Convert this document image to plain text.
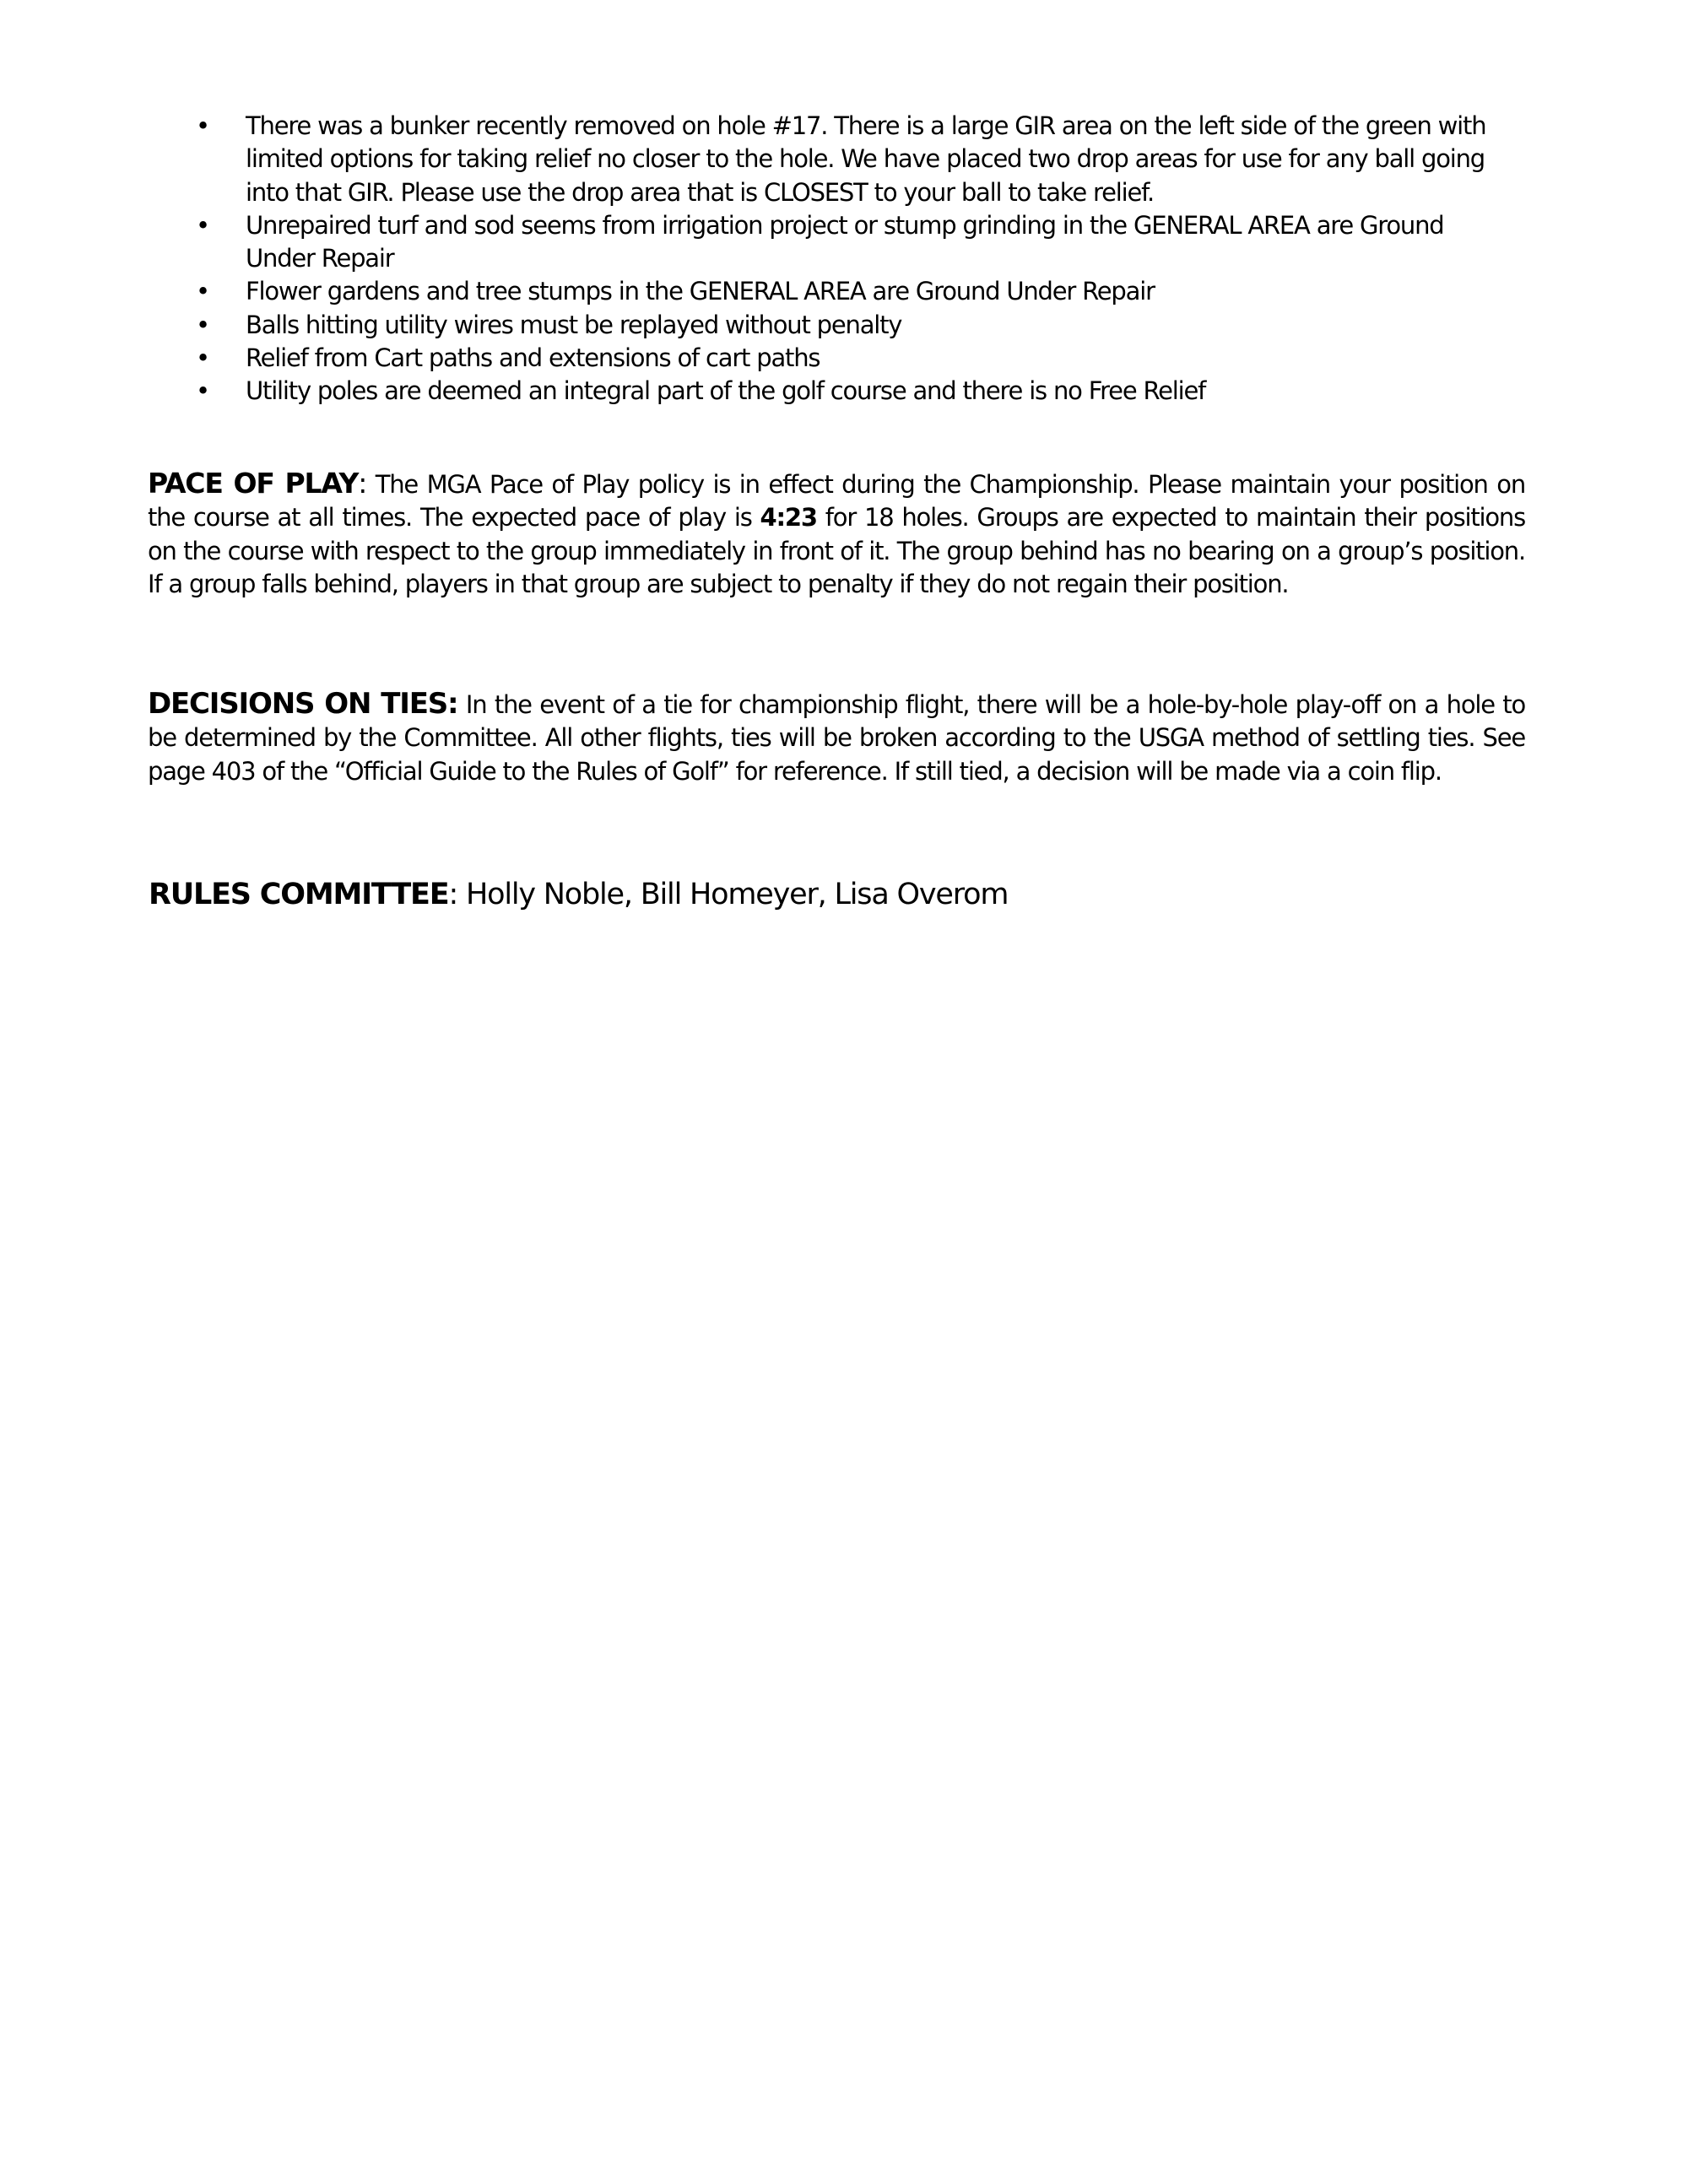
• There was a bunker recently removed on hole #17. There is a large GIR area on the left side of the green with limited options for taking relief no closer to the hole. We have placed two drop areas for use for any ball going into that GIR. Please use the drop area that is CLOSEST to your ball to take relief.
• Unrepaired turf and sod seems from irrigation project or stump grinding in the GENERAL AREA are Ground Under Repair
• Flower gardens and tree stumps in the GENERAL AREA are Ground Under Repair
• Balls hitting utility wires must be replayed without penalty
• Relief from Cart paths and extensions of cart paths
• Utility poles are deemed an integral part of the golf course and there is no Free Relief

PACE OF PLAY: The MGA Pace of Play policy is in effect during the Championship. Please maintain your position on the course at all times. The expected pace of play is 4:23 for 18 holes. Groups are expected to maintain their positions on the course with respect to the group immediately in front of it. The group behind has no bearing on a group’s position. If a group falls behind, players in that group are subject to penalty if they do not regain their position.

DECISIONS ON TIES: In the event of a tie for championship flight, there will be a hole-by-hole play-off on a hole to be determined by the Committee. All other flights, ties will be broken according to the USGA method of settling ties. See page 403 of the “Official Guide to the Rules of Golf” for reference. If still tied, a decision will be made via a coin flip.

RULES COMMITTEE: Holly Noble, Bill Homeyer, Lisa Overom
